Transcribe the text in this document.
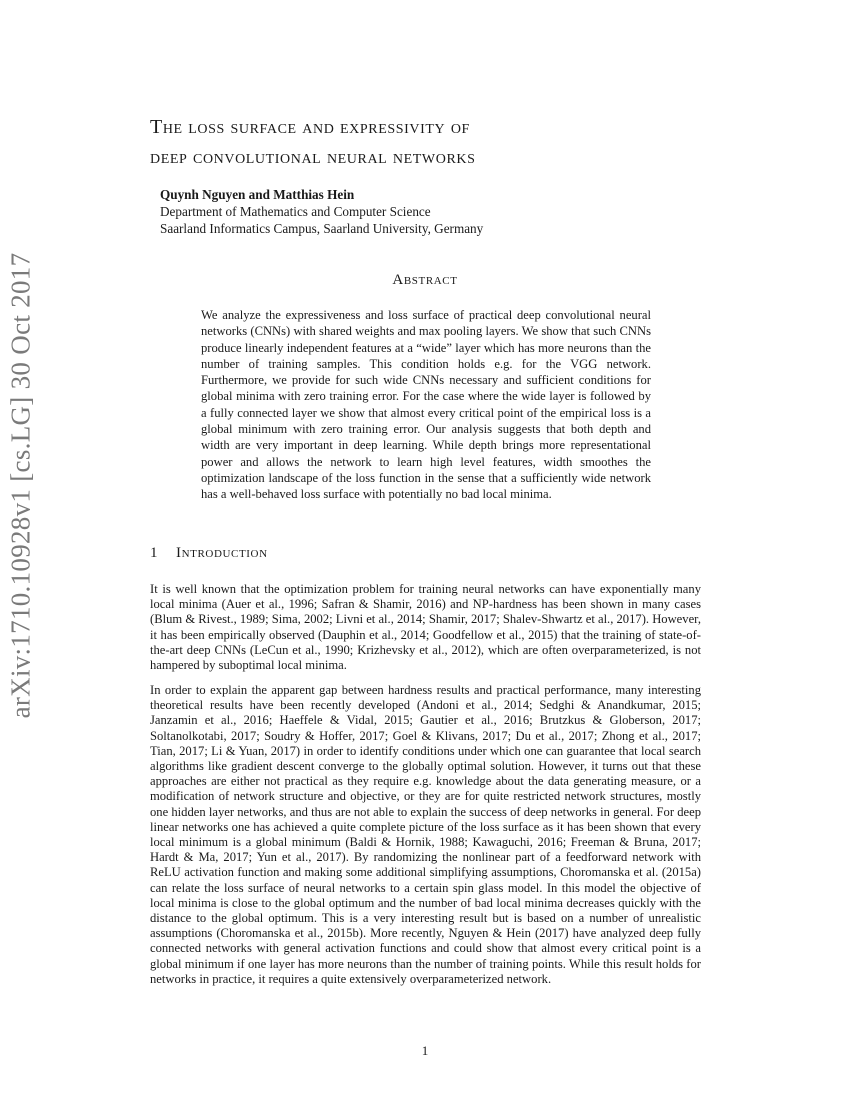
arXiv:1710.10928v1 [cs.LG] 30 Oct 2017
The loss surface and expressivity of
deep convolutional neural networks
Quynh Nguyen and Matthias Hein
Department of Mathematics and Computer Science
Saarland Informatics Campus, Saarland University, Germany
Abstract

We analyze the expressiveness and loss surface of practical deep convolutional neural networks (CNNs) with shared weights and max pooling layers. We show that such CNNs produce linearly independent features at a “wide” layer which has more neurons than the number of training samples. This condition holds e.g. for the VGG network. Furthermore, we provide for such wide CNNs necessary and sufficient conditions for global minima with zero training error. For the case where the wide layer is followed by a fully connected layer we show that almost every critical point of the empirical loss is a global minimum with zero training error. Our analysis suggests that both depth and width are very important in deep learning. While depth brings more representational power and allows the network to learn high level features, width smoothes the optimization landscape of the loss function in the sense that a sufficiently wide network has a well-behaved loss surface with potentially no bad local minima.

1 Introduction

It is well known that the optimization problem for training neural networks can have exponentially many local minima (Auer et al., 1996; Safran & Shamir, 2016) and NP-hardness has been shown in many cases (Blum & Rivest., 1989; Sima, 2002; Livni et al., 2014; Shamir, 2017; Shalev-Shwartz et al., 2017). However, it has been empirically observed (Dauphin et al., 2014; Goodfellow et al., 2015) that the training of state-of-the-art deep CNNs (LeCun et al., 1990; Krizhevsky et al., 2012), which are often overparameterized, is not hampered by suboptimal local minima.

In order to explain the apparent gap between hardness results and practical performance, many interesting theoretical results have been recently developed (Andoni et al., 2014; Sedghi & Anandkumar, 2015; Janzamin et al., 2016; Haeffele & Vidal, 2015; Gautier et al., 2016; Brutzkus & Globerson, 2017; Soltanolkotabi, 2017; Soudry & Hoffer, 2017; Goel & Klivans, 2017; Du et al., 2017; Zhong et al., 2017; Tian, 2017; Li & Yuan, 2017) in order to identify conditions under which one can guarantee that local search algorithms like gradient descent converge to the globally optimal solution. However, it turns out that these approaches are either not practical as they require e.g. knowledge about the data generating measure, or a modification of network structure and objective, or they are for quite restricted network structures, mostly one hidden layer networks, and thus are not able to explain the success of deep networks in general. For deep linear networks one has achieved a quite complete picture of the loss surface as it has been shown that every local minimum is a global minimum (Baldi & Hornik, 1988; Kawaguchi, 2016; Freeman & Bruna, 2017; Hardt & Ma, 2017; Yun et al., 2017). By randomizing the nonlinear part of a feedforward network with ReLU activation function and making some additional simplifying assumptions, Choromanska et al. (2015a) can relate the loss surface of neural networks to a certain spin glass model. In this model the objective of local minima is close to the global optimum and the number of bad local minima decreases quickly with the distance to the global optimum. This is a very interesting result but is based on a number of unrealistic assumptions (Choromanska et al., 2015b). More recently, Nguyen & Hein (2017) have analyzed deep fully connected networks with general activation functions and could show that almost every critical point is a global minimum if one layer has more neurons than the number of training points. While this result holds for networks in practice, it requires a quite extensively overparameterized network.

1
